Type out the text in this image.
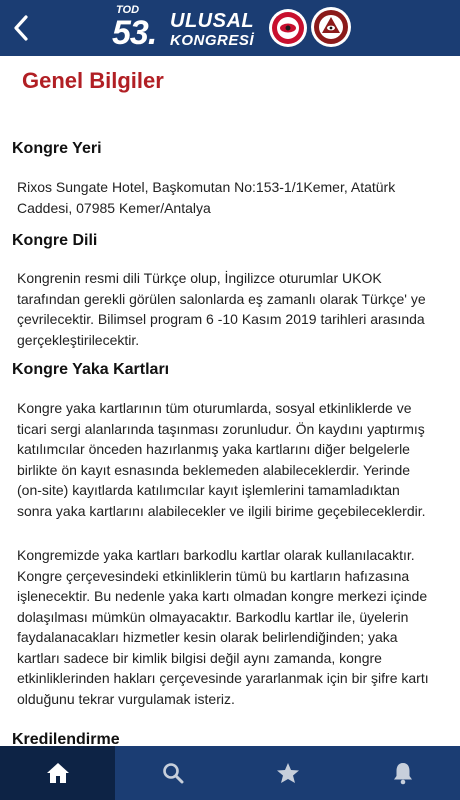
TOD
53. ULUSAL
KONGRESİ
Genel Bilgiler
Kongre Yeri

Rixos Sungate Hotel, Başkomutan No:153-1/1Kemer, Atatürk Caddesi, 07985 Kemer/Antalya

Kongre Dili

Kongrenin resmi dili Türkçe olup, İngilizce oturumlar UKOK tarafından gerekli görülen salonlarda eş zamanlı olarak Türkçe' ye çevrilecektir. Bilimsel program 6 -10 Kasım 2019 tarihleri arasında gerçekleştirilecektir.

Kongre Yaka Kartları

Kongre yaka kartlarının tüm oturumlarda, sosyal etkinliklerde ve ticari sergi alanlarında taşınması zorunludur. Ön kaydını yaptırmış katılımcılar önceden hazırlanmış yaka kartlarını diğer belgelerle birlikte ön kayıt esnasında beklemeden alabileceklerdir. Yerinde (on-site) kayıtlarda katılımcılar kayıt işlemlerini tamamladıktan sonra yaka kartlarını alabilecekler ve ilgili birime geçebileceklerdir.

Kongremizde yaka kartları barkodlu kartlar olarak kullanılacaktır. Kongre çerçevesindeki etkinliklerin tümü bu kartların hafızasına işlenecektir. Bu nedenle yaka kartı olmadan kongre merkezi içinde dolaşılması mümkün olmayacaktır. Barkodlu kartlar ile, üyelerin faydalanacakları hizmetler kesin olarak belirlendiğinden; yaka kartları sadece bir kimlik bilgisi değil aynı zamanda, kongre etkinliklerinden hakları çerçevesinde yararlanmak için bir şifre kartı olduğunu tekrar vurgulamak isteriz.

Kredilendirme
